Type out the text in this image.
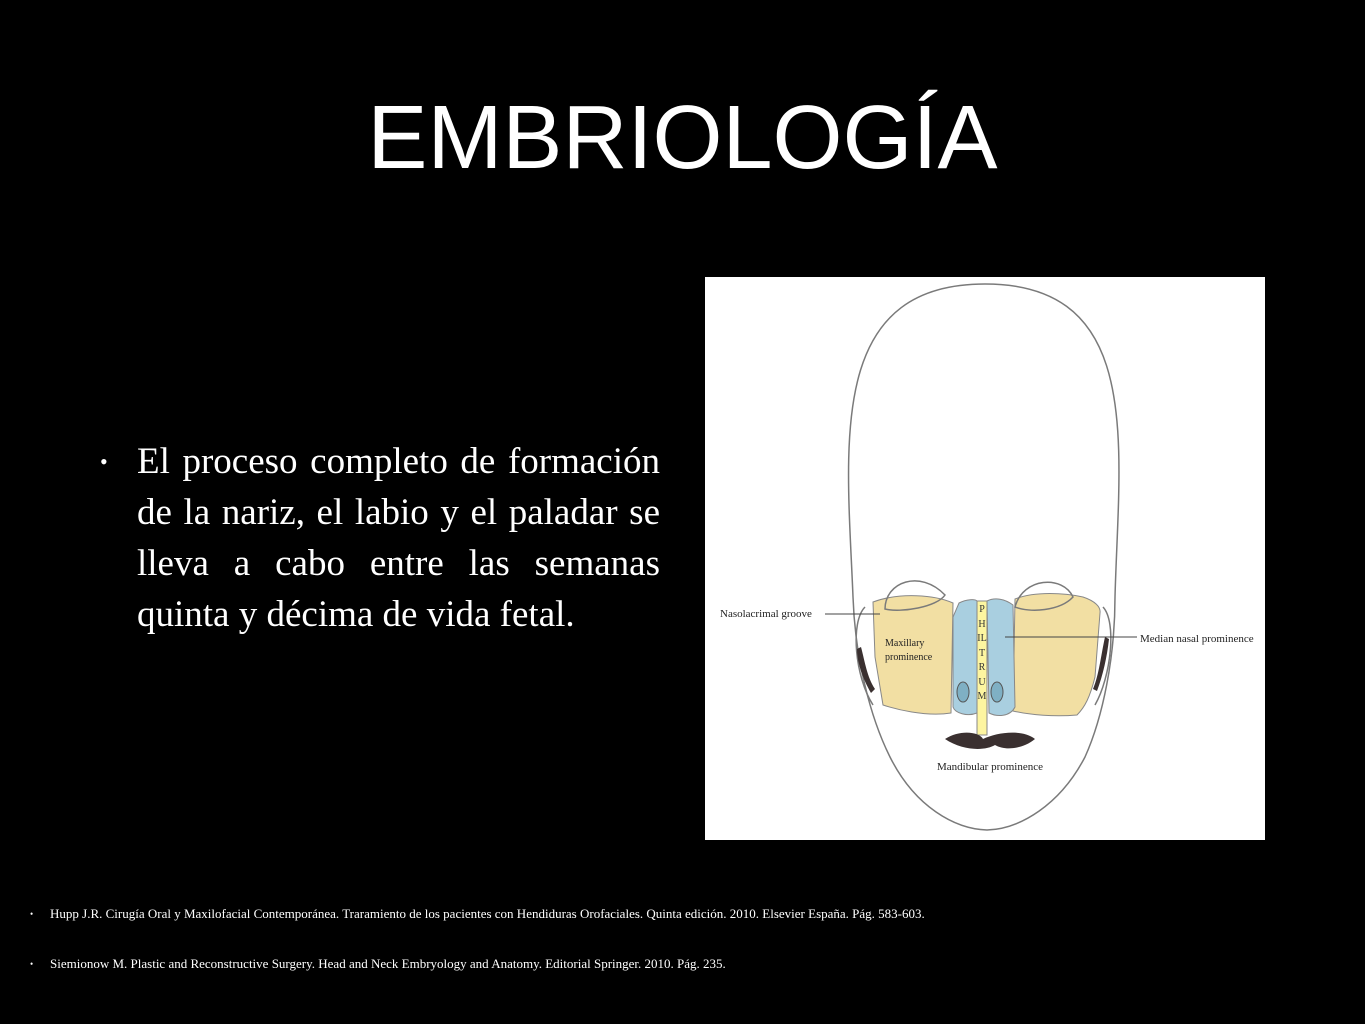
EMBRIOLOGÍA
• El proceso completo de formación de la nariz, el labio y el paladar se lleva a cabo entre las semanas quinta y décima de vida fetal.	Nasolacrimal groove
Maxillary
prominence
Median nasal prominence
Mandibular prominence
PHILTRUM
• Hupp J.R. Cirugía Oral y Maxilofacial Contemporánea. Traramiento de los pacientes con Hendiduras Orofaciales. Quinta edición. 2010. Elsevier España. Pág. 583-603.
• Siemionow M. Plastic and Reconstructive Surgery. Head and Neck Embryology and Anatomy. Editorial Springer. 2010. Pág. 235.
